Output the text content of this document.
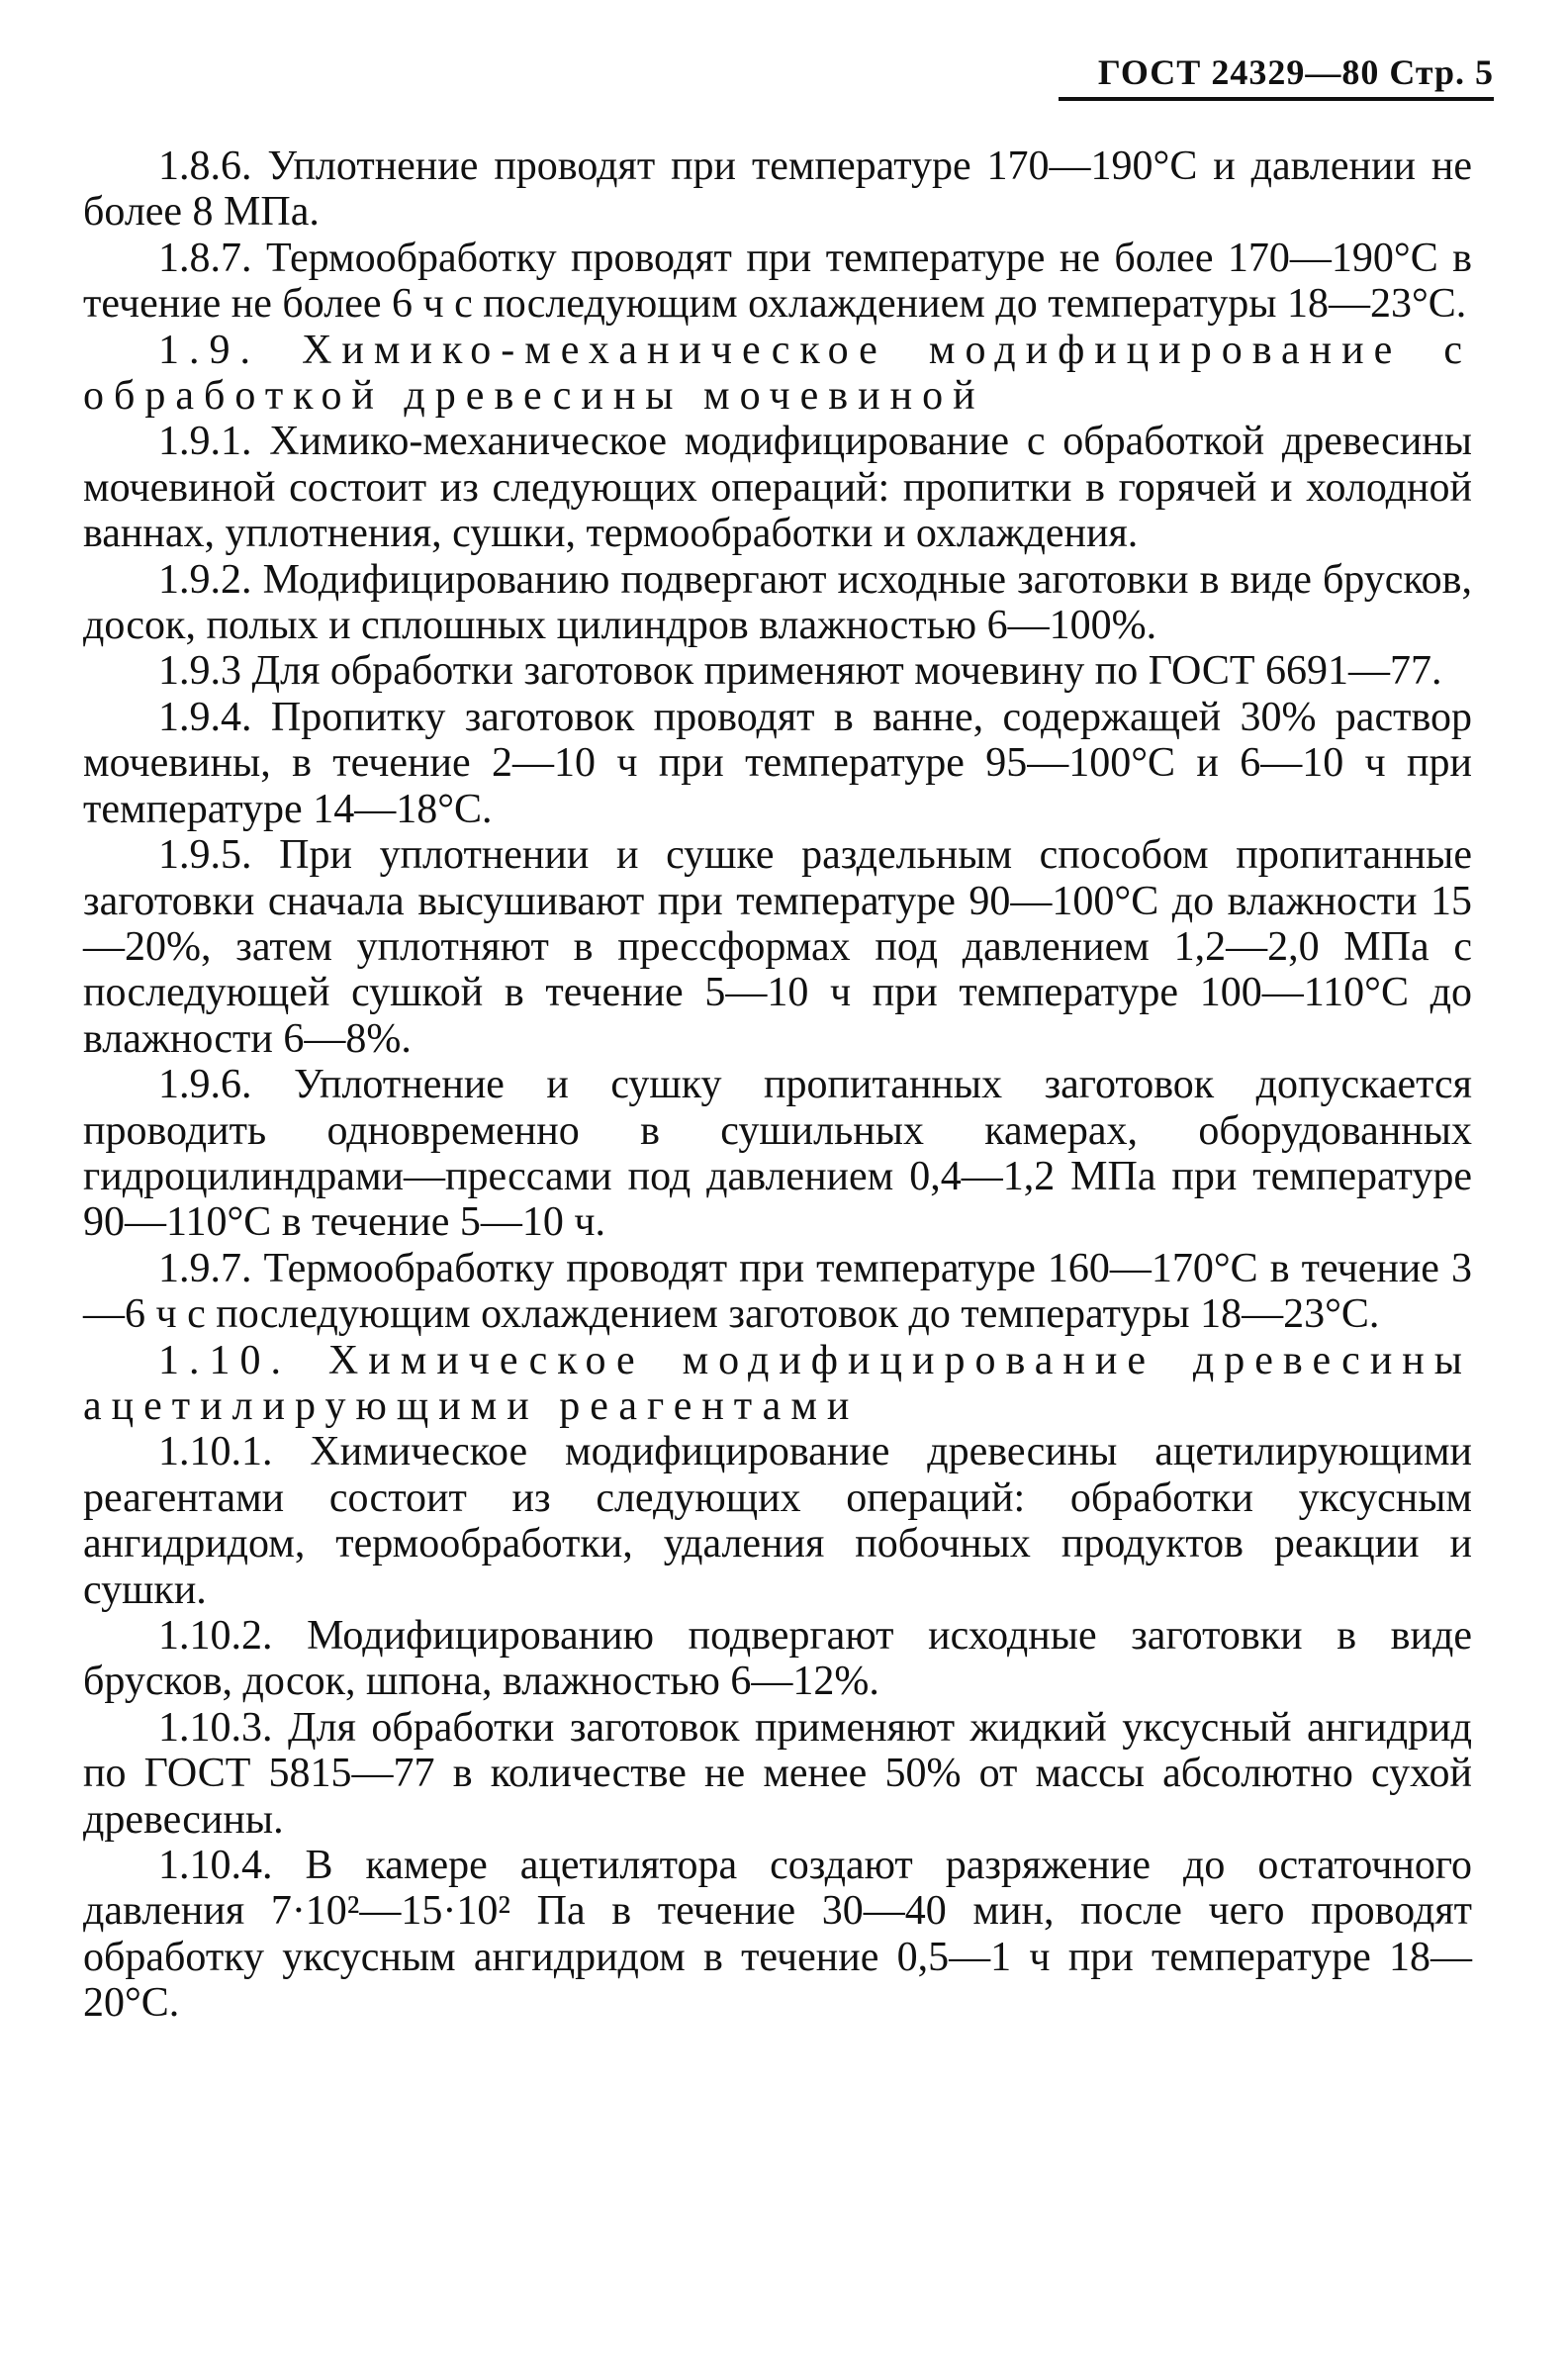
ГОСТ 24329—80 Стр. 5

1.8.6. Уплотнение проводят при температуре 170—190°С и давлении не более 8 МПа.

1.8.7. Термообработку проводят при температуре не более 170—190°С в течение не более 6 ч с последующим охлаждением до температуры 18—23°С.

1.9. Химико-механическое модифицирование с обработкой древесины мочевиной

1.9.1. Химико-механическое модифицирование с обработкой древесины мочевиной состоит из следующих операций: пропитки в горячей и холодной ваннах, уплотнения, сушки, термообработки и охлаждения.

1.9.2. Модифицированию подвергают исходные заготовки в виде брусков, досок, полых и сплошных цилиндров влажностью 6—100%.

1.9.3 Для обработки заготовок применяют мочевину по ГОСТ 6691—77.

1.9.4. Пропитку заготовок проводят в ванне, содержащей 30% раствор мочевины, в течение 2—10 ч при температуре 95—100°С и 6—10 ч при температуре 14—18°С.

1.9.5. При уплотнении и сушке раздельным способом пропитанные заготовки сначала высушивают при температуре 90—100°С до влажности 15—20%, затем уплотняют в прессформах под давлением 1,2—2,0 МПа с последующей сушкой в течение 5—10 ч при температуре 100—110°С до влажности 6—8%.

1.9.6. Уплотнение и сушку пропитанных заготовок допускается проводить одновременно в сушильных камерах, оборудованных гидроцилиндрами—прессами под давлением 0,4—1,2 МПа при температуре 90—110°С в течение 5—10 ч.

1.9.7. Термообработку проводят при температуре 160—170°С в течение 3—6 ч с последующим охлаждением заготовок до температуры 18—23°С.

1.10. Химическое модифицирование древесины ацетилирующими реагентами

1.10.1. Химическое модифицирование древесины ацетилирующими реагентами состоит из следующих операций: обработки уксусным ангидридом, термообработки, удаления побочных продуктов реакции и сушки.

1.10.2. Модифицированию подвергают исходные заготовки в виде брусков, досок, шпона, влажностью 6—12%.

1.10.3. Для обработки заготовок применяют жидкий уксусный ангидрид по ГОСТ 5815—77 в количестве не менее 50% от массы абсолютно сухой древесины.

1.10.4. В камере ацетилятора создают разряжение до остаточного давления 7·10²—15·10² Па в течение 30—40 мин, после чего проводят обработку уксусным ангидридом в течение 0,5—1 ч при температуре 18—20°С.
